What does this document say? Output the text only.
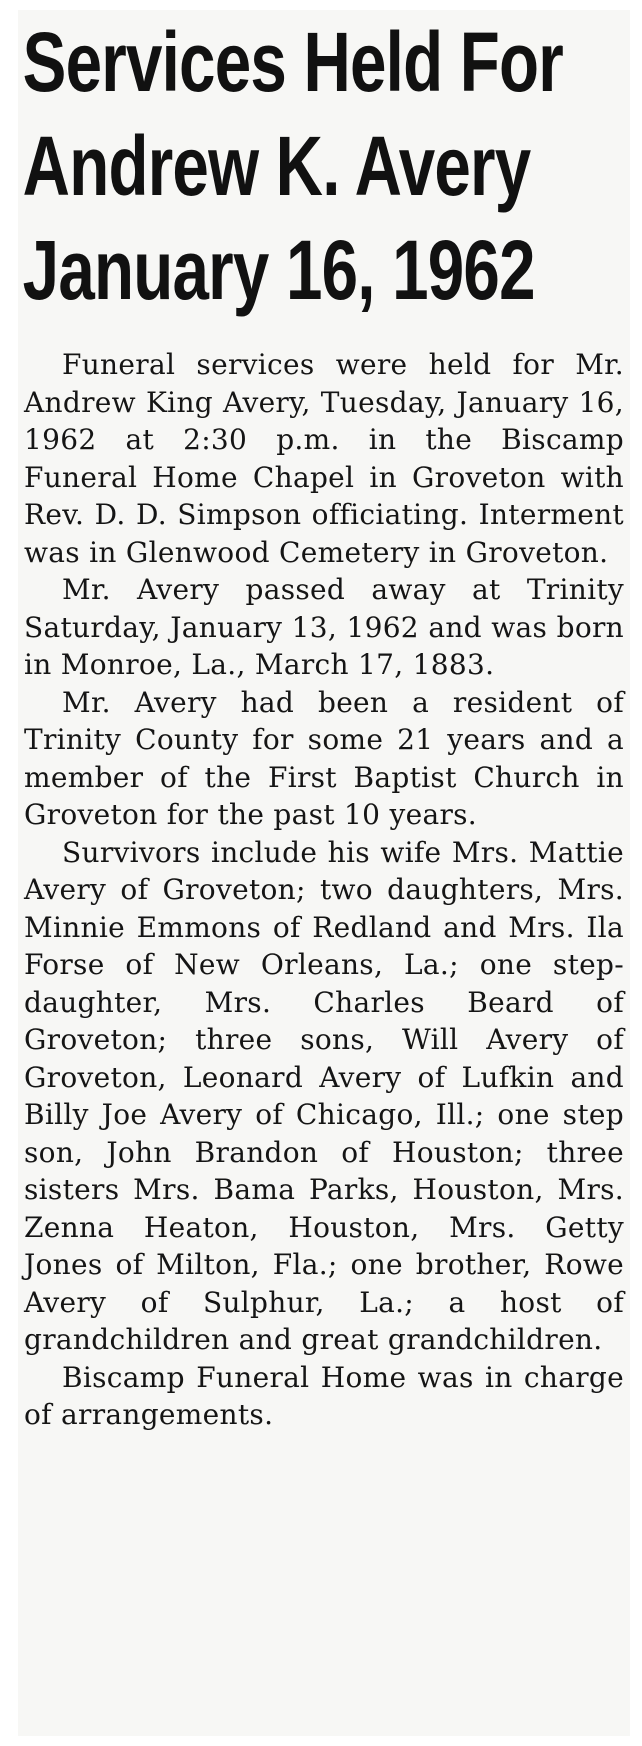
Services Held For
Andrew K. Avery
January 16, 1962

Funeral services were held for Mr. Andrew King Avery, Tuesday, January 16, 1962 at 2:30 p.m. in the Biscamp Funeral Home Chapel in Groveton with Rev. D. D. Simpson officiating. Interment was in Glenwood Cemetery in Groveton.

Mr. Avery passed away at Trinity Saturday, January 13, 1962 and was born in Monroe, La., March 17, 1883.

Mr. Avery had been a resident of Trinity County for some 21 years and a member of the First Baptist Church in Groveton for the past 10 years.

Survivors include his wife Mrs. Mattie Avery of Groveton; two daughters, Mrs. Minnie Emmons of Redland and Mrs. Ila Forse of New Orleans, La.; one step-daughter, Mrs. Charles Beard of Groveton; three sons, Will Avery of Groveton, Leonard Avery of Lufkin and Billy Joe Avery of Chicago, Ill.; one step son, John Brandon of Houston; three sisters Mrs. Bama Parks, Houston, Mrs. Zenna Heaton, Houston, Mrs. Getty Jones of Milton, Fla.; one brother, Rowe Avery of Sulphur, La.; a host of grandchildren and great grandchildren.

Biscamp Funeral Home was in charge of arrangements.
